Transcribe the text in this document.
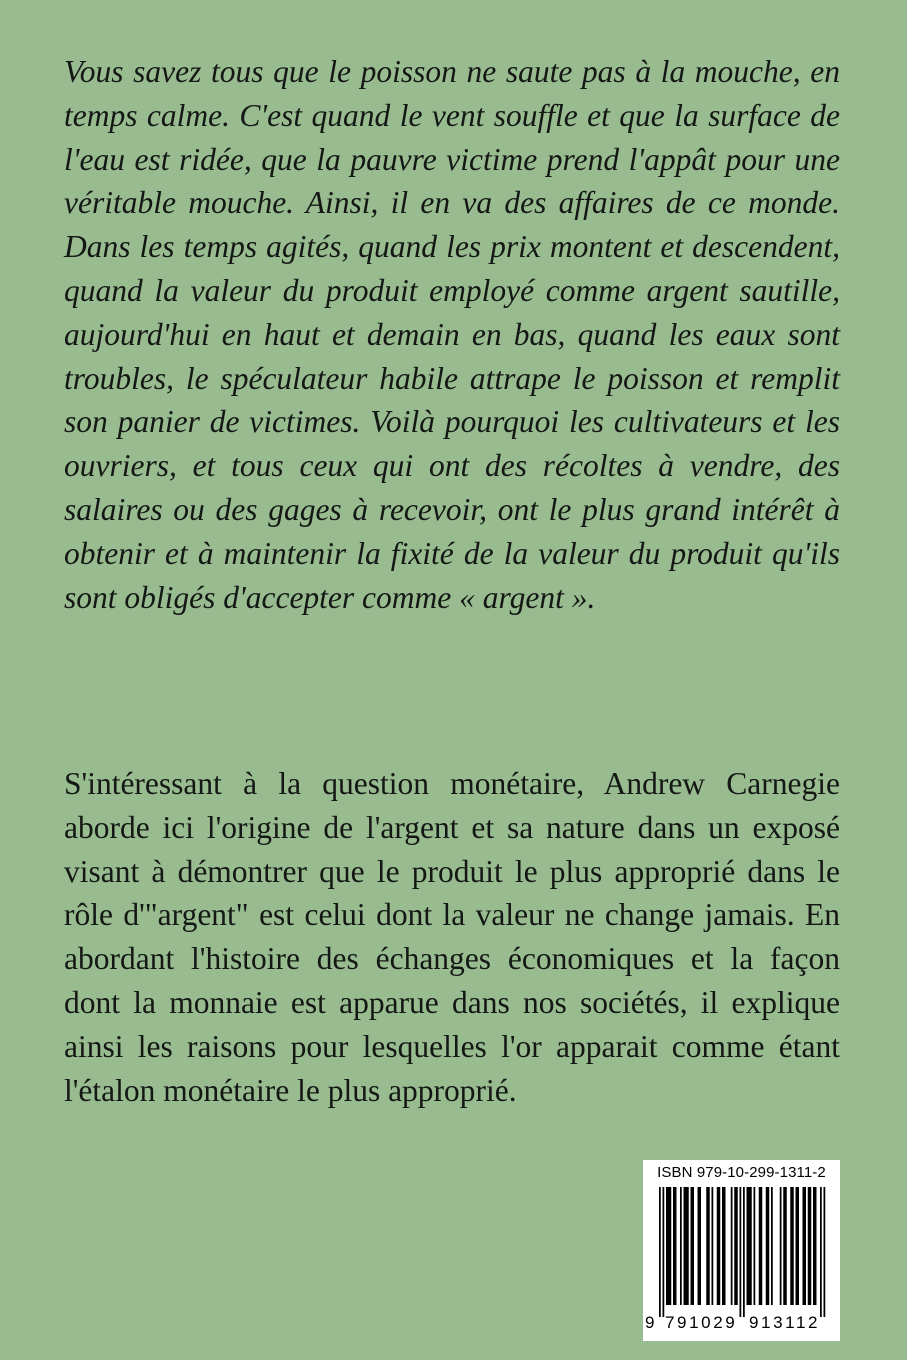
Vous savez tous que le poisson ne saute pas à la mouche, en temps calme. C'est quand le vent souffle et que la surface de l'eau est ridée, que la pauvre victime prend l'appât pour une véritable mouche. Ainsi, il en va des affaires de ce monde. Dans les temps agités, quand les prix montent et descendent, quand la valeur du produit employé comme argent sautille, aujourd'hui en haut et demain en bas, quand les eaux sont troubles, le spéculateur habile attrape le poisson et remplit son panier de victimes. Voilà pourquoi les cultivateurs et les ouvriers, et tous ceux qui ont des récoltes à vendre, des salaires ou des gages à recevoir, ont le plus grand intérêt à obtenir et à maintenir la fixité de la valeur du produit qu'ils sont obligés d'accepter comme « argent ».

S'intéressant à la question monétaire, Andrew Carnegie aborde ici l'origine de l'argent et sa nature dans un exposé visant à démontrer que le produit le plus approprié dans le rôle d'"argent" est celui dont la valeur ne change jamais. En abordant l'histoire des échanges économiques et la façon dont la monnaie est apparue dans nos sociétés, il explique ainsi les raisons pour lesquelles l'or apparait comme étant l'étalon monétaire le plus approprié.

ISBN 979-10-299-1311-2
9 791029 913112
